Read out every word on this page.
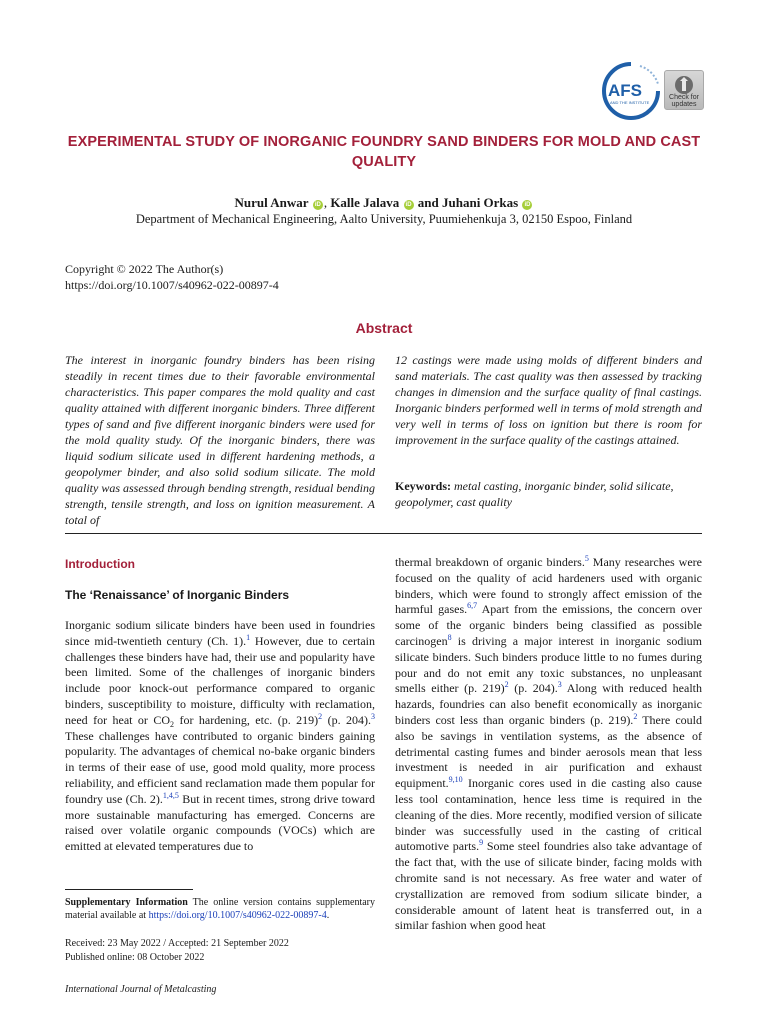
AFS
AND THE INSTITUTE
Check for updates
EXPERIMENTAL STUDY OF INORGANIC FOUNDRY SAND BINDERS FOR MOLD AND CAST QUALITY
Nurul Anwar iD , Kalle Jalava iD and Juhani Orkas iD
Department of Mechanical Engineering, Aalto University, Puumiehenkuja 3, 02150 Espoo, Finland
Copyright © 2022 The Author(s)
https://doi.org/10.1007/s40962-022-00897-4
Abstract
The interest in inorganic foundry binders has been rising steadily in recent times due to their favorable environmental characteristics. This paper compares the mold quality and cast quality attained with different inorganic binders. Three different types of sand and five different inorganic binders were used for the mold quality study. Of the inorganic binders, there was liquid sodium silicate used in different hardening methods, a geopolymer binder, and also solid sodium silicate. The mold quality was assessed through bending strength, residual bending strength, tensile strength, and loss on ignition measurement. A total of
12 castings were made using molds of different binders and sand materials. The cast quality was then assessed by tracking changes in dimension and the surface quality of final castings. Inorganic binders performed well in terms of mold strength and very well in terms of loss on ignition but there is room for improvement in the surface quality of the castings attained.
Keywords: metal casting, inorganic binder, solid silicate, geopolymer, cast quality
Introduction
The ‘Renaissance’ of Inorganic Binders
Inorganic sodium silicate binders have been used in foundries since mid-twentieth century (Ch. 1).$^1$ However, due to certain challenges these binders have had, their use and popularity have been limited. Some of the challenges of inorganic binders include poor knock-out performance compared to organic binders, susceptibility to moisture, difficulty with reclamation, need for heat or $CO_2$ for hardening, etc. (p. 219)$^2$ (p. 204).$^3$ These challenges have contributed to organic binders gaining popularity. The advantages of chemical no-bake organic binders in terms of their ease of use, good mold quality, more process reliability, and efficient sand reclamation made them popular for foundry use (Ch. 2).$^{1,4,5}$ But in recent times, strong drive toward more sustainable manufacturing has emerged. Concerns are raised over volatile organic compounds (VOCs) which are emitted at elevated temperatures due to
thermal breakdown of organic binders.$^5$ Many researches were focused on the quality of acid hardeners used with organic binders, which were found to strongly affect emission of the harmful gases.$^{6,7}$ Apart from the emissions, the concern over some of the organic binders being classified as possible carcinogen$^8$ is driving a major interest in inorganic sodium silicate binders. Such binders produce little to no fumes during pour and do not emit any toxic substances, no unpleasant smells either (p. 219)$^2$ (p. 204).$^3$ Along with reduced health hazards, foundries can also benefit economically as inorganic binders cost less than organic binders (p. 219).$^2$ There could also be savings in ventilation systems, as the absence of detrimental casting fumes and binder aerosols mean that less investment is needed in air purification and exhaust equipment.$^{9,10}$ Inorganic cores used in die casting also cause less tool contamination, hence less time is required in the cleaning of the dies. More recently, modified version of silicate binder was successfully used in the casting of critical automotive parts.$^9$ Some steel foundries also take advantage of the fact that, with the use of silicate binder, facing molds with chromite sand is not necessary. As free water and water of crystallization are removed from sodium silicate binder, a considerable amount of latent heat is transferred out, in a similar fashion when good heat
Supplementary Information The online version contains supplementary material available at https://doi.org/10.1007/s40962-022-00897-4.
Received: 23 May 2022 / Accepted: 21 September 2022
Published online: 08 October 2022
International Journal of Metalcasting
